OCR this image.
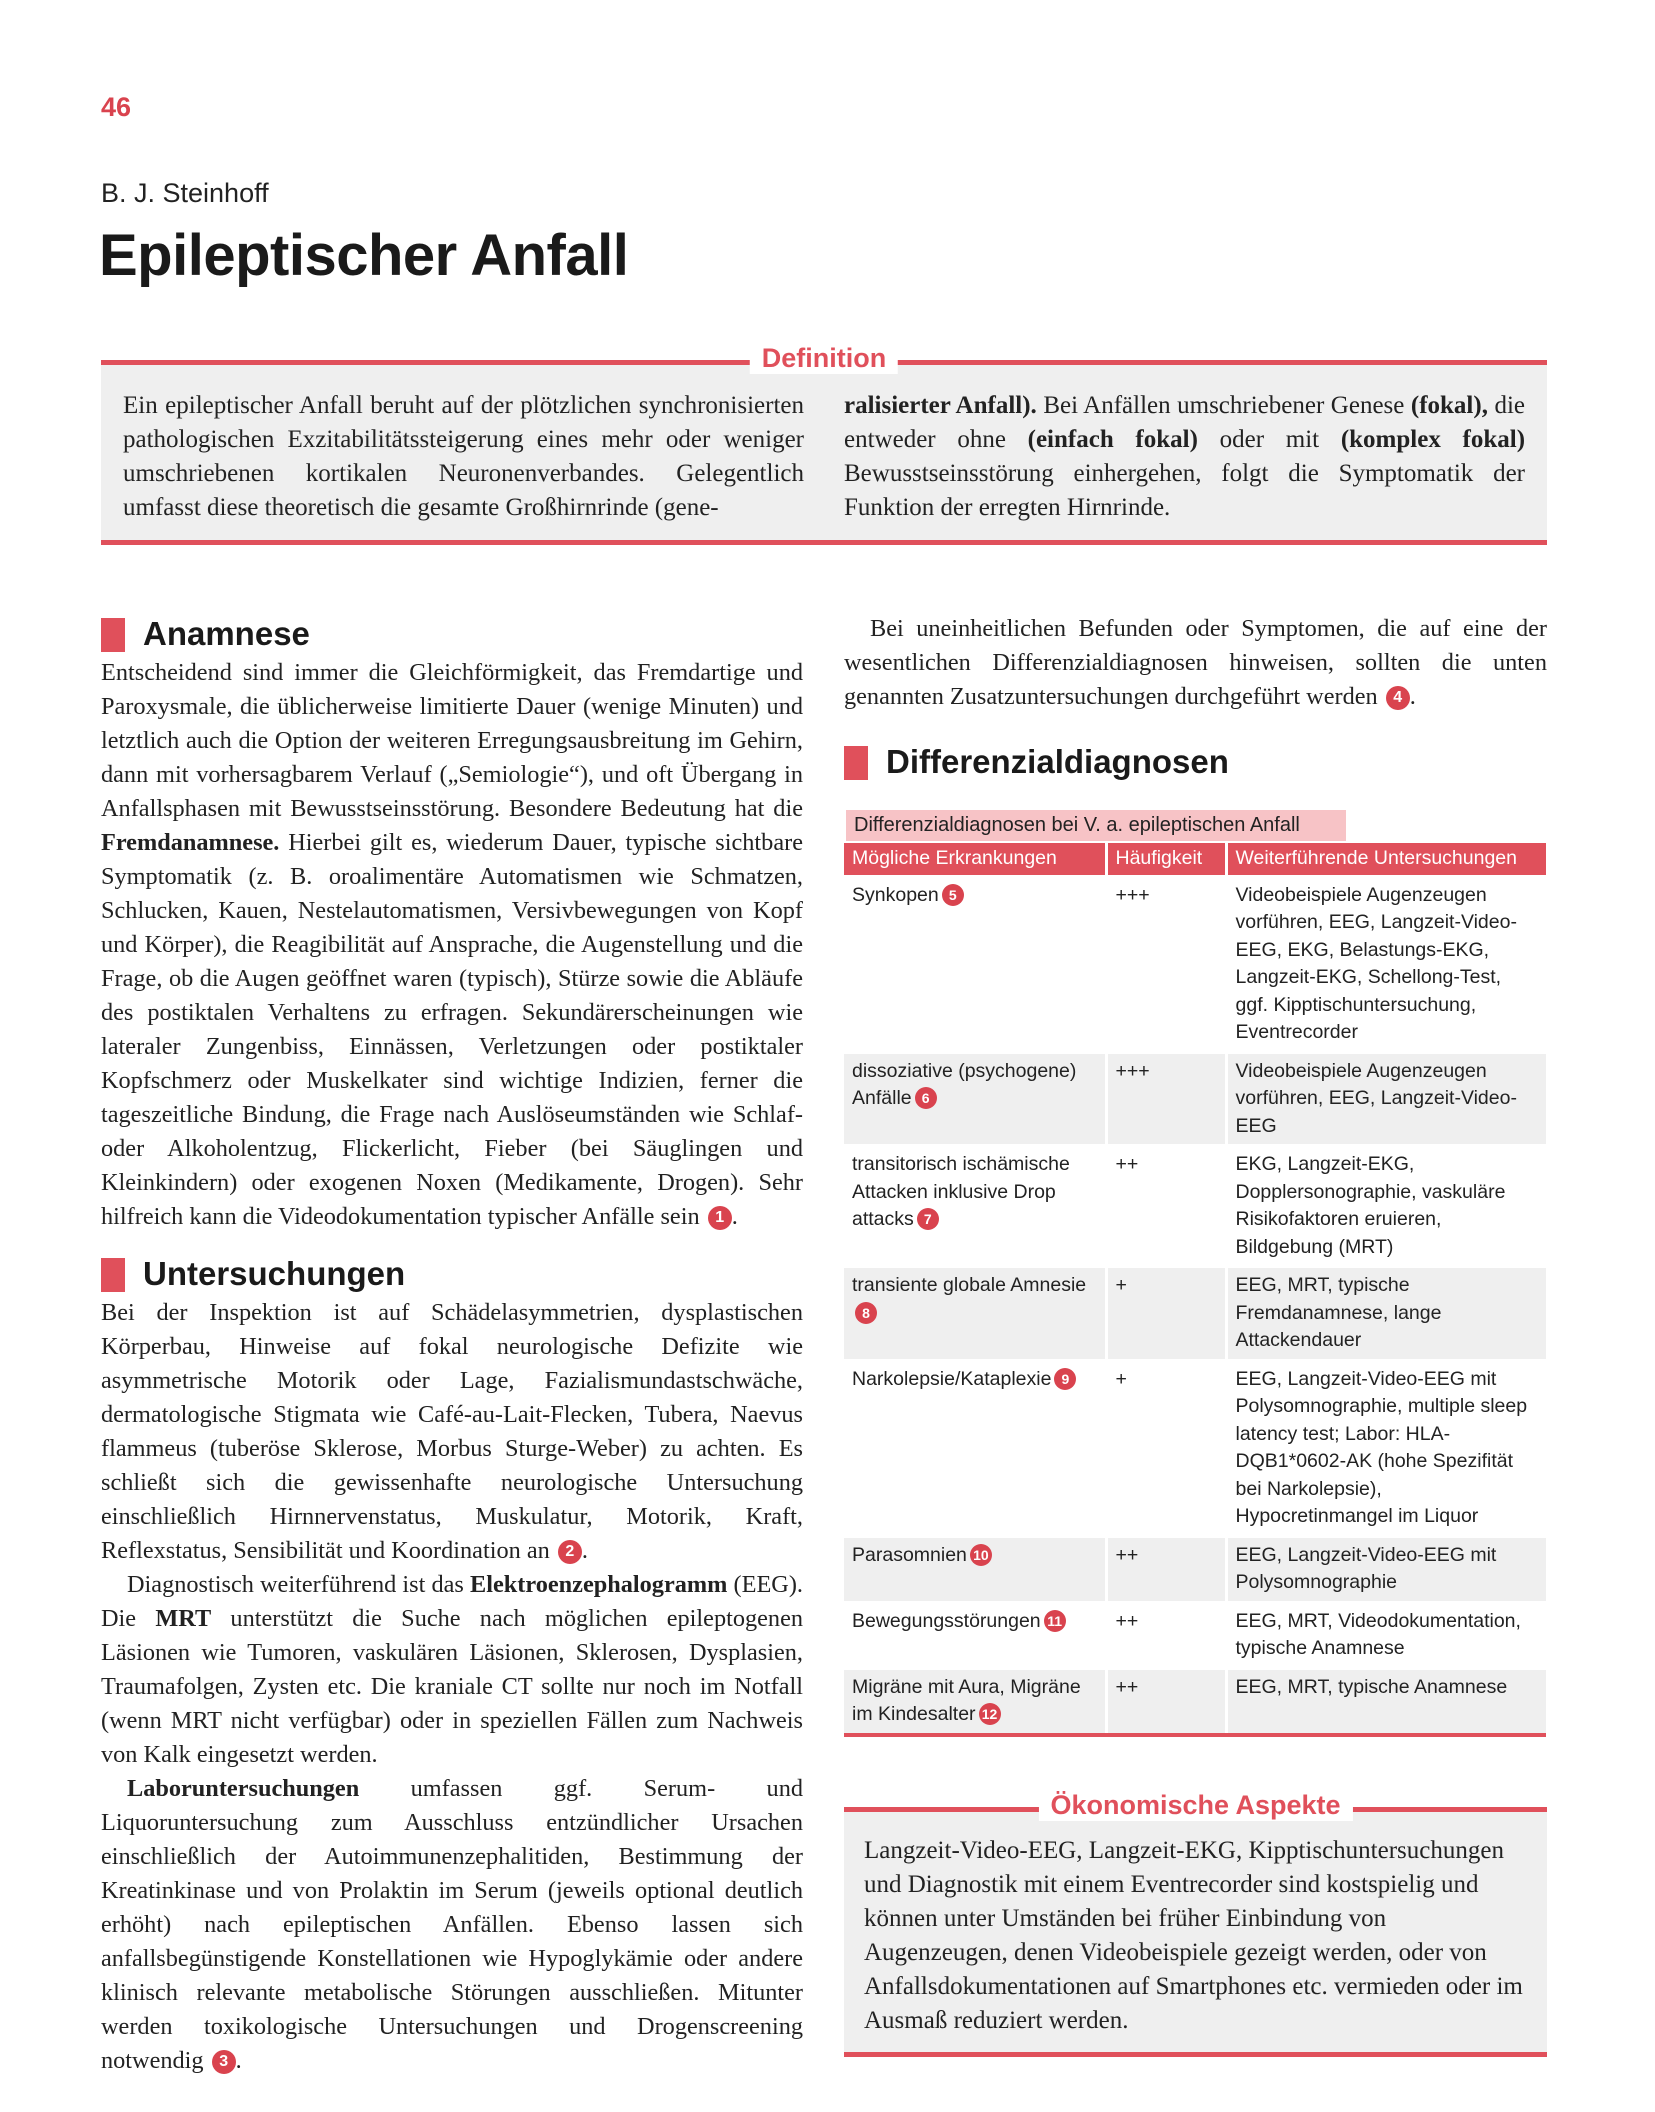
46
B. J. Steinhoff
Epileptischer Anfall
Definition

Ein epileptischer Anfall beruht auf der plötzlichen synchronisierten pathologischen Exzitabilitätssteigerung eines mehr oder weniger umschriebenen kortikalen Neuronenverbandes. Gelegentlich umfasst diese theoretisch die gesamte Großhirnrinde (gene-

ralisierter Anfall). Bei Anfällen umschriebener Genese (fokal), die entweder ohne (einfach fokal) oder mit (komplex fokal) Bewusstseinsstörung einhergehen, folgt die Symptomatik der Funktion der erregten Hirnrinde.

Anamnese

Entscheidend sind immer die Gleichförmigkeit, das Fremdartige und Paroxysmale, die üblicherweise limitierte Dauer (wenige Minuten) und letztlich auch die Option der weiteren Erregungsausbreitung im Gehirn, dann mit vorhersagbarem Verlauf („Semiologie“), und oft Übergang in Anfallsphasen mit Bewusstseinsstörung. Besondere Bedeutung hat die Fremdanamnese. Hierbei gilt es, wiederum Dauer, typische sichtbare Symptomatik (z. B. oroalimentäre Automatismen wie Schmatzen, Schlucken, Kauen, Nestelautomatismen, Versivbewegungen von Kopf und Körper), die Reagibilität auf Ansprache, die Augenstellung und die Frage, ob die Augen geöffnet waren (typisch), Stürze sowie die Abläufe des postiktalen Verhaltens zu erfragen. Sekundärerscheinungen wie lateraler Zungenbiss, Einnässen, Verletzungen oder postiktaler Kopfschmerz oder Muskelkater sind wichtige Indizien, ferner die tageszeitliche Bindung, die Frage nach Auslöseumständen wie Schlaf- oder Alkoholentzug, Flickerlicht, Fieber (bei Säuglingen und Kleinkindern) oder exogenen Noxen (Medikamente, Drogen). Sehr hilfreich kann die Videodokumentation typischer Anfälle sein 1 .

Untersuchungen

Bei der Inspektion ist auf Schädelasymmetrien, dysplastischen Körperbau, Hinweise auf fokal neurologische Defizite wie asymmetrische Motorik oder Lage, Fazialismundastschwäche, dermatologische Stigmata wie Café-au-Lait-Flecken, Tubera, Naevus flammeus (tuberöse Sklerose, Morbus Sturge-Weber) zu achten. Es schließt sich die gewissenhafte neurologische Untersuchung einschließlich Hirnnervenstatus, Muskulatur, Motorik, Kraft, Reflexstatus, Sensibilität und Koordination an 2 .

Diagnostisch weiterführend ist das Elektroenzephalogramm (EEG). Die MRT unterstützt die Suche nach möglichen epileptogenen Läsionen wie Tumoren, vaskulären Läsionen, Sklerosen, Dysplasien, Traumafolgen, Zysten etc. Die kraniale CT sollte nur noch im Notfall (wenn MRT nicht verfügbar) oder in speziellen Fällen zum Nachweis von Kalk eingesetzt werden.

Laboruntersuchungen umfassen ggf. Serum- und Liquoruntersuchung zum Ausschluss entzündlicher Ursachen einschließlich der Autoimmunenzephalitiden, Bestimmung der Kreatinkinase und von Prolaktin im Serum (jeweils optional deutlich erhöht) nach epileptischen Anfällen. Ebenso lassen sich anfallsbegünstigende Konstellationen wie Hypoglykämie oder andere klinisch relevante metabolische Störungen ausschließen. Mitunter werden toxikologische Untersuchungen und Drogenscreening notwendig 3 .

Bei uneinheitlichen Befunden oder Symptomen, die auf eine der wesentlichen Differenzialdiagnosen hinweisen, sollten die unten genannten Zusatzuntersuchungen durchgeführt werden 4 .

Differenzialdiagnosen
Differenzialdiagnosen bei V. a. epileptischen Anfall
Mögliche Erkrankungen	Häufigkeit	Weiterführende Untersuchungen
Synkopen 5	+++	Videobeispiele Augenzeugen vorführen, EEG, Langzeit-Video-EEG, EKG, Belastungs-EKG, Langzeit-EKG, Schellong-Test, ggf. Kipptischuntersuchung, Eventrecorder
dissoziative (psychogene) Anfälle 6	+++	Videobeispiele Augenzeugen vorführen, EEG, Langzeit-Video-EEG
transitorisch ischämische Attacken inklusive Drop attacks 7	++	EKG, Langzeit-EKG, Dopplersonographie, vaskuläre Risikofaktoren eruieren, Bildgebung (MRT)
transiente globale Amnesie8	+	EEG, MRT, typische Fremdanamnese, lange Attackendauer
Narkolepsie/Kataplexie 9	+	EEG, Langzeit-Video-EEG mit Polysomnographie, multiple sleep latency test; Labor: HLA-DQB1*0602-AK (hohe Spezifität bei Narkolepsie), Hypocretinmangel im Liquor
Parasomnien 10	++	EEG, Langzeit-Video-EEG mit Polysomnographie
Bewegungsstörungen 11	++	EEG, MRT, Videodokumentation, typische Anamnese
Migräne mit Aura, Migräne im Kindesalter 12	++	EEG, MRT, typische Anamnese
Ökonomische Aspekte

Langzeit-Video-EEG, Langzeit-EKG, Kipptischuntersuchungen und Diagnostik mit einem Eventrecorder sind kostspielig und können unter Umständen bei früher Einbindung von Augenzeugen, denen Videobeispiele gezeigt werden, oder von Anfallsdokumentationen auf Smartphones etc. vermieden oder im Ausmaß reduziert werden.
